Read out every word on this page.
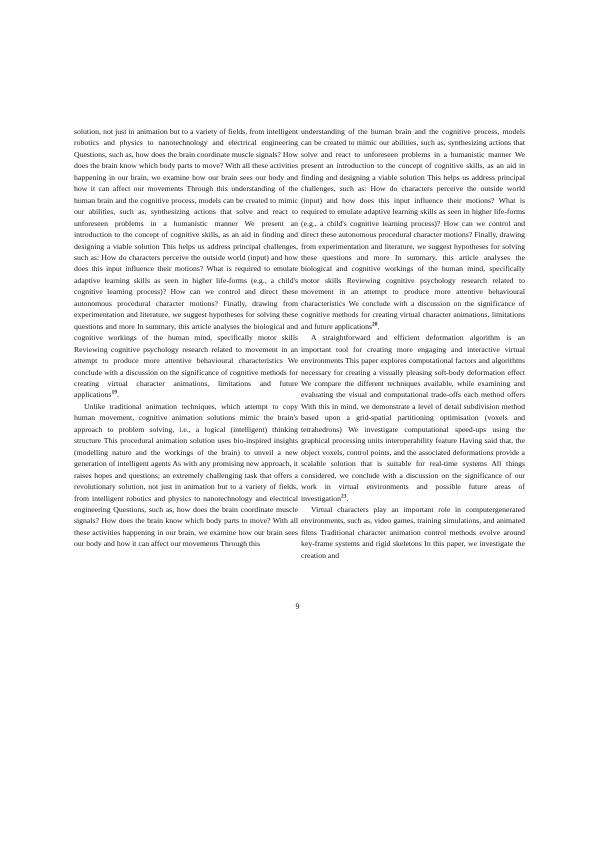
solution, not just in animation but to a variety of fields, from intelligent robotics and physics to nanotechnology and electrical engineering Questions, such as, how does the brain coordinate muscle signals? How does the brain know which body parts to move? With all these activities happening in our brain, we examine how our brain sees our body and how it can affect our movements Through this understanding of the human brain and the cognitive process, models can be created to mimic our abilities, such as, synthesizing actions that solve and react to unforeseen problems in a humanistic manner We present an introduction to the concept of cognitive skills, as an aid in finding and designing a viable solution This helps us address principal challenges, such as: How do characters perceive the outside world (input) and how does this input influence their motions? What is required to emulate adaptive learning skills as seen in higher life-forms (e.g., a child's cognitive learning process)? How can we control and direct these autonomous procedural character motions? Finally, drawing from experimentation and literature, we suggest hypotheses for solving these questions and more In summary, this article analyses the biological and cognitive workings of the human mind, specifically motor skills Reviewing cognitive psychology research related to movement in an attempt to produce more attentive behavioural characteristics We conclude with a discussion on the significance of cognitive methods for creating virtual character animations, limitations and future applications$^{19}$.

Unlike traditional animation techniques, which attempt to copy human movement, cognitive animation solutions mimic the brain's approach to problem solving, i.e., a logical (intelligent) thinking structure This procedural animation solution uses bio-inspired insights (modelling nature and the workings of the brain) to unveil a new generation of intelligent agents As with any promising new approach, it raises hopes and questions; an extremely challenging task that offers a revolutionary solution, not just in animation but to a variety of fields, from intelligent robotics and physics to nanotechnology and electrical engineering Questions, such as, how does the brain coordinate muscle signals? How does the brain know which body parts to move? With all these activities happening in our brain, we examine how our brain sees our body and how it can affect our movements Through this

understanding of the human brain and the cognitive process, models can be created to mimic our abilities, such as, synthesizing actions that solve and react to unforeseen problems in a humanistic manner We present an introduction to the concept of cognitive skills, as an aid in finding and designing a viable solution This helps us address principal challenges, such as: How do characters perceive the outside world (input) and how does this input influence their motions? What is required to emulate adaptive learning skills as seen in higher life-forms (e.g., a child's cognitive learning process)? How can we control and direct these autonomous procedural character motions? Finally, drawing from experimentation and literature, we suggest hypotheses for solving these questions and more In summary, this article analyses the biological and cognitive workings of the human mind, specifically motor skills Reviewing cognitive psychology research related to movement in an attempt to produce more attentive behavioural characteristics We conclude with a discussion on the significance of cognitive methods for creating virtual character animations, limitations and future applications$^{28}$.

A straightforward and efficient deformation algorithm is an important tool for creating more engaging and interactive virtual environments This paper explores computational factors and algorithms necessary for creating a visually pleasing soft-body deformation effect We compare the different techniques available, while examining and evaluating the visual and computational trade-offs each method offers With this in mind, we demonstrate a level of detail subdivision method based upon a grid-spatial partitioning optimisation (voxels and tetrahedrons) We investigate computational speed-ups using the graphical processing units interoperability feature Having said that, the object voxels, control points, and the associated deformations provide a scalable solution that is suitable for real-time systems All things considered, we conclude with a discussion on the significance of our work in virtual environments and possible future areas of investigation$^{23}$.

Virtual characters play an important role in computergenerated environments, such as, video games, training simulations, and animated films Traditional character animation control methods evolve around key-frame systems and rigid skeletons In this paper, we investigate the creation and

9
